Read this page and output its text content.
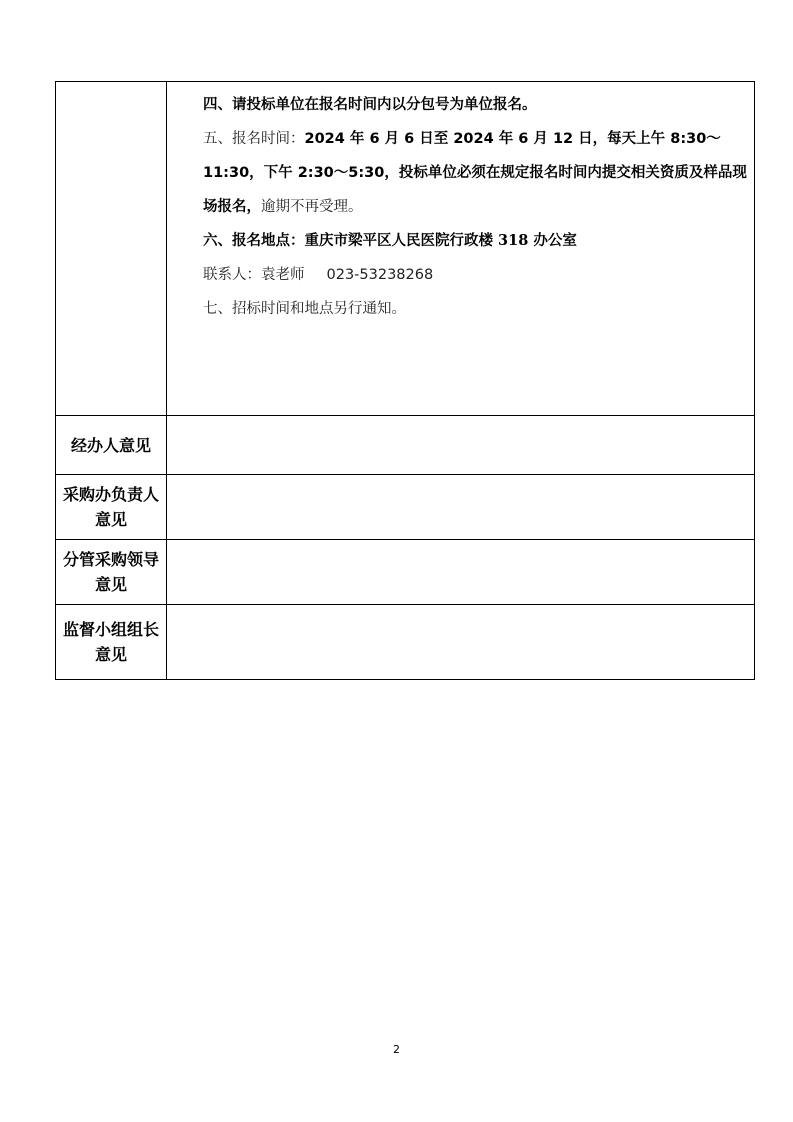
	四、请投标单位在报名时间内以分包号为单位报名。

五、报名时间：2024 年 6 月 6 日至 2024 年 6 月 12 日，每天上午 8:30～11:30，下午 2:30～5:30，投标单位必须在规定报名时间内提交相关资质及样品现场报名，逾期不再受理。

六、报名地点：重庆市梁平区人民医院行政楼 318 办公室

联系人：袁老师 023-53238268

七、招标时间和地点另行通知。

经办人意见	
采购办负责人意见	
分管采购领导意见	
监督小组组长意见	
2
